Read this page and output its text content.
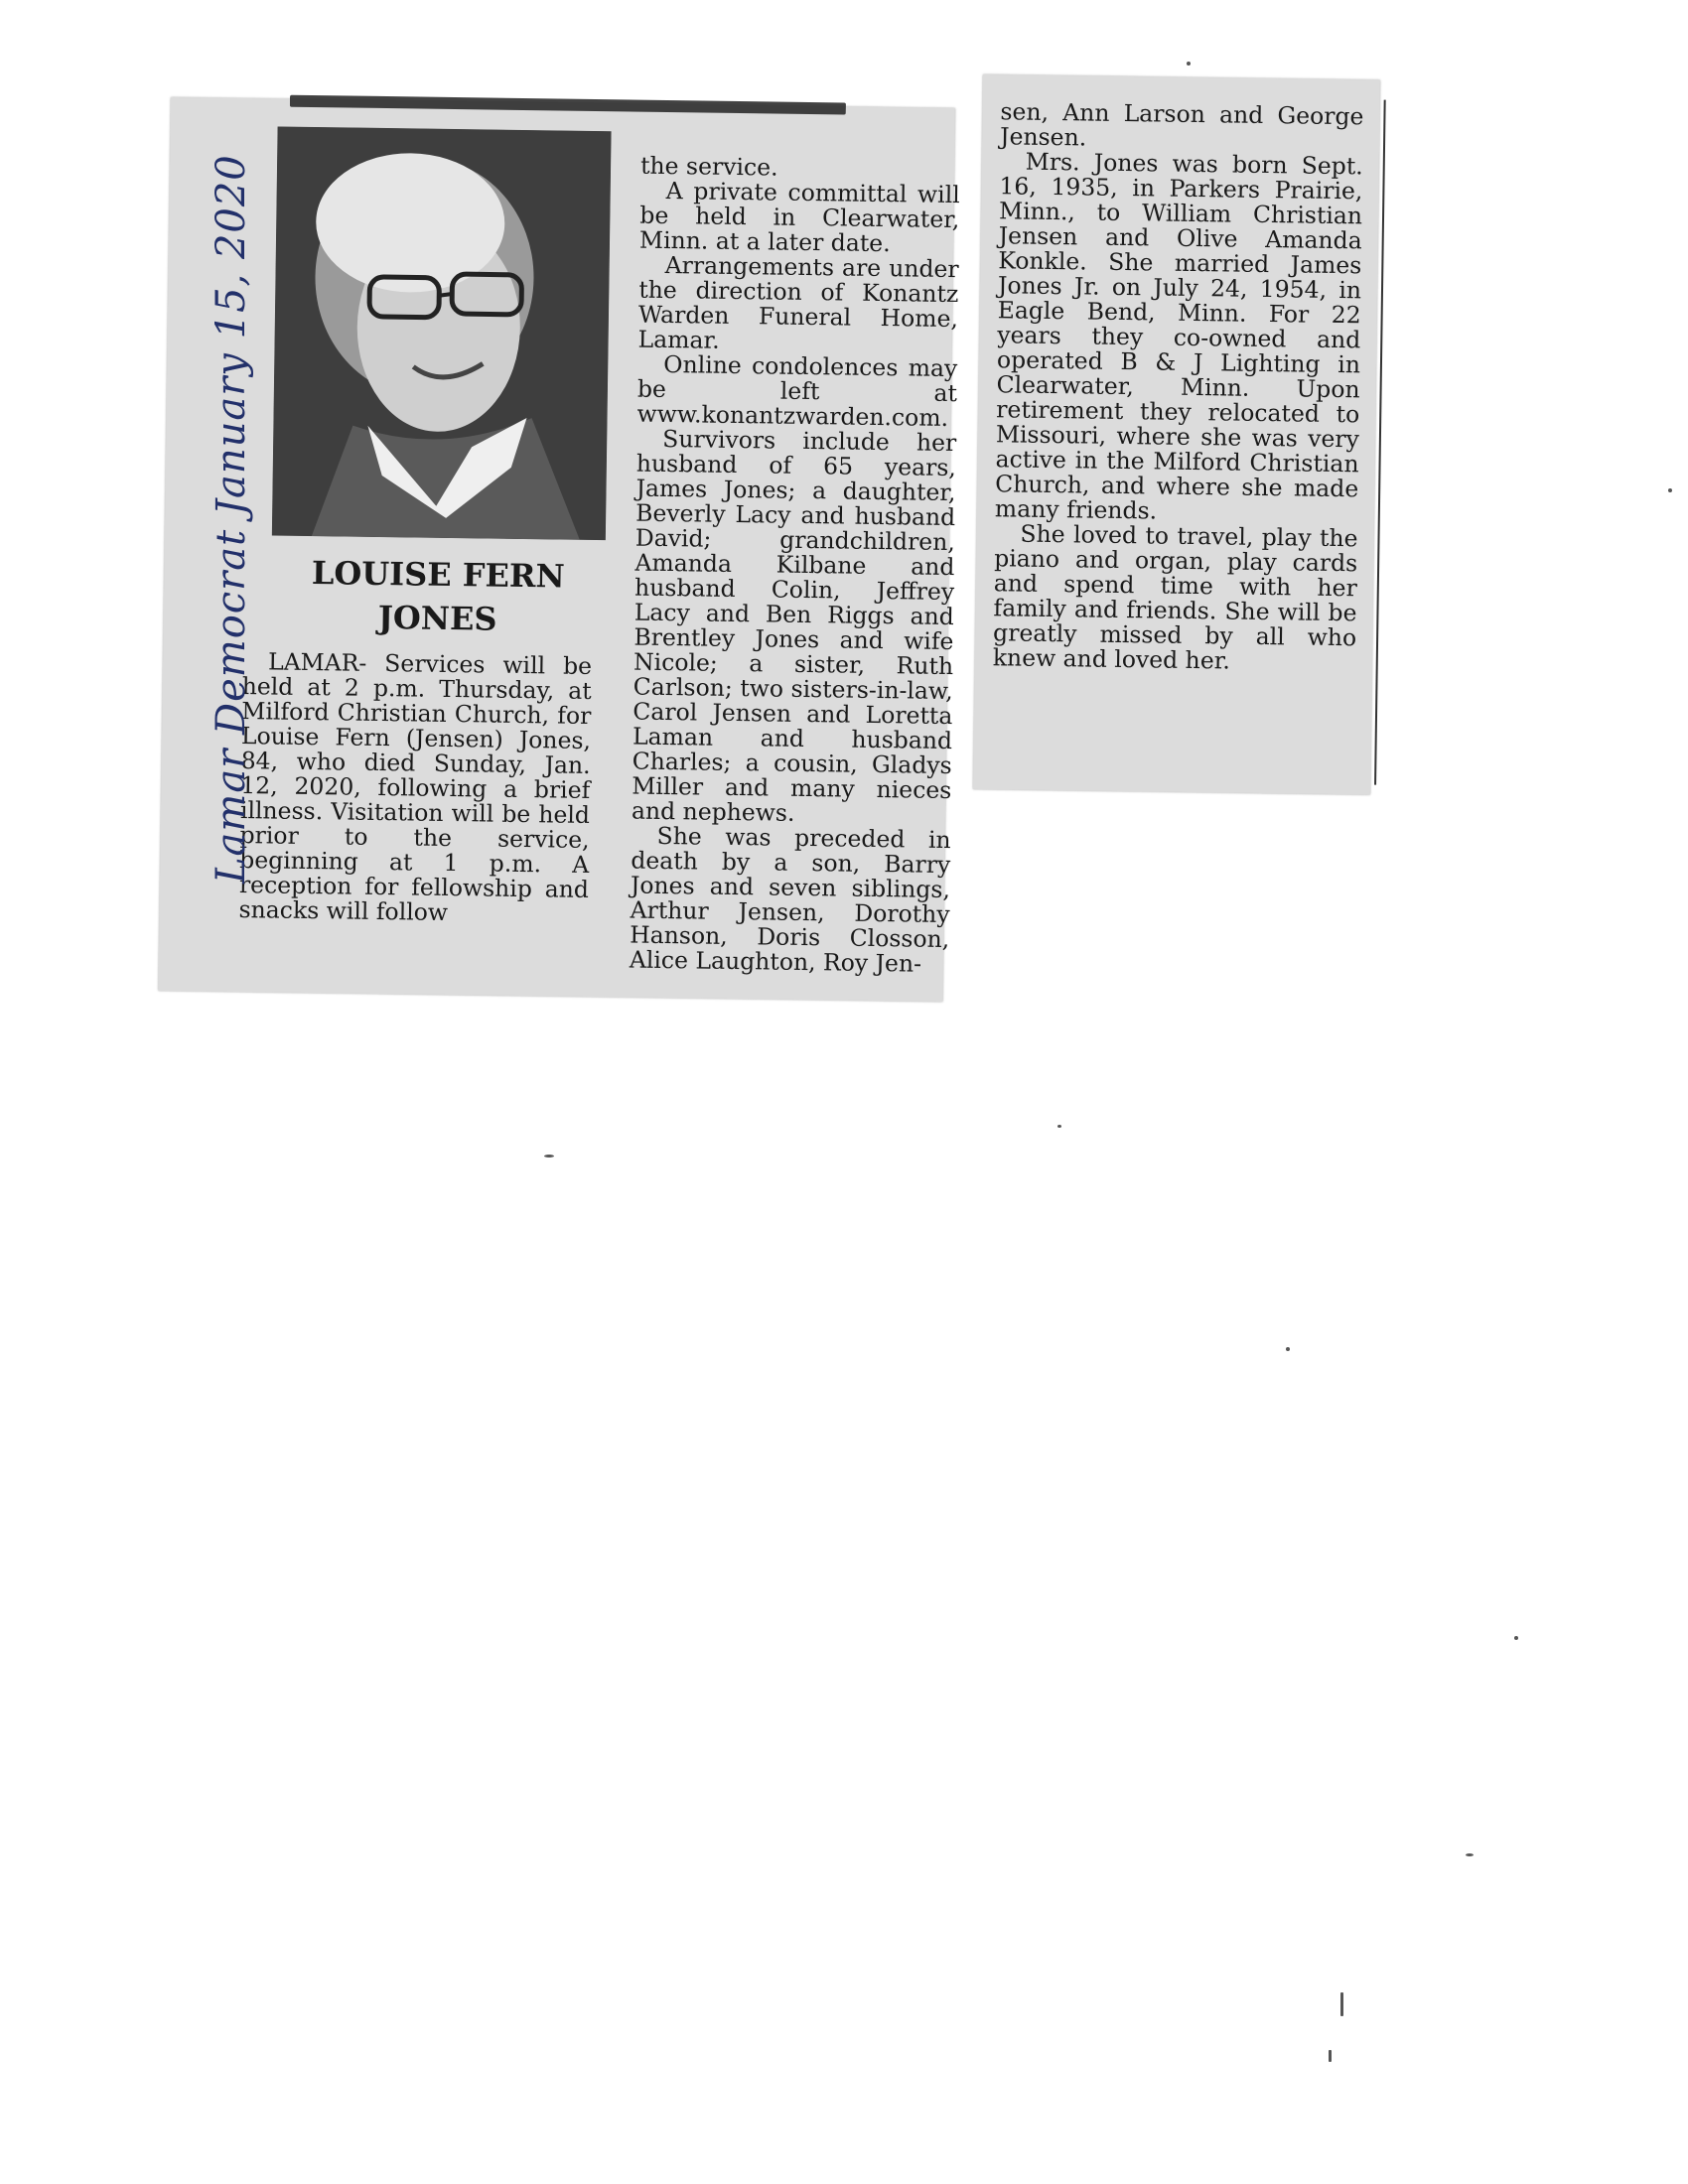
LOUISE FERN
JONES

LAMAR- Services will be held at 2 p.m. Thursday, at Milford Christian Church, for Louise Fern (Jensen) Jones, 84, who died Sunday, Jan. 12, 2020, following a brief illness. Visitation will be held prior to the service, beginning at 1 p.m. A reception for fellowship and snacks will follow

the service.

A private committal will be held in Clearwater, Minn. at a later date.

Arrangements are under the direction of Konantz Warden Funeral Home, Lamar.

Online condolences may be left at www.konantzwarden.com.

Survivors include her husband of 65 years, James Jones; a daughter, Beverly Lacy and husband David; grandchildren, Amanda Kilbane and husband Colin, Jeffrey Lacy and Ben Riggs and Brentley Jones and wife Nicole; a sister, Ruth Carlson; two sisters-in-law, Carol Jensen and Loretta Laman and husband Charles; a cousin, Gladys Miller and many nieces and nephews.

She was preceded in death by a son, Barry Jones and seven siblings, Arthur Jensen, Dorothy Hanson, Doris Closson, Alice Laughton, Roy Jen-

sen, Ann Larson and George Jensen.

Mrs. Jones was born Sept. 16, 1935, in Parkers Prairie, Minn., to William Christian Jensen and Olive Amanda Konkle. She married James Jones Jr. on July 24, 1954, in Eagle Bend, Minn. For 22 years they co-owned and operated B & J Lighting in Clearwater, Minn. Upon retirement they relocated to Missouri, where she was very active in the Milford Christian Church, and where she made many friends.

She loved to travel, play the piano and organ, play cards and spend time with her family and friends. She will be greatly missed by all who knew and loved her.

Lamar Democrat January 15, 2020
